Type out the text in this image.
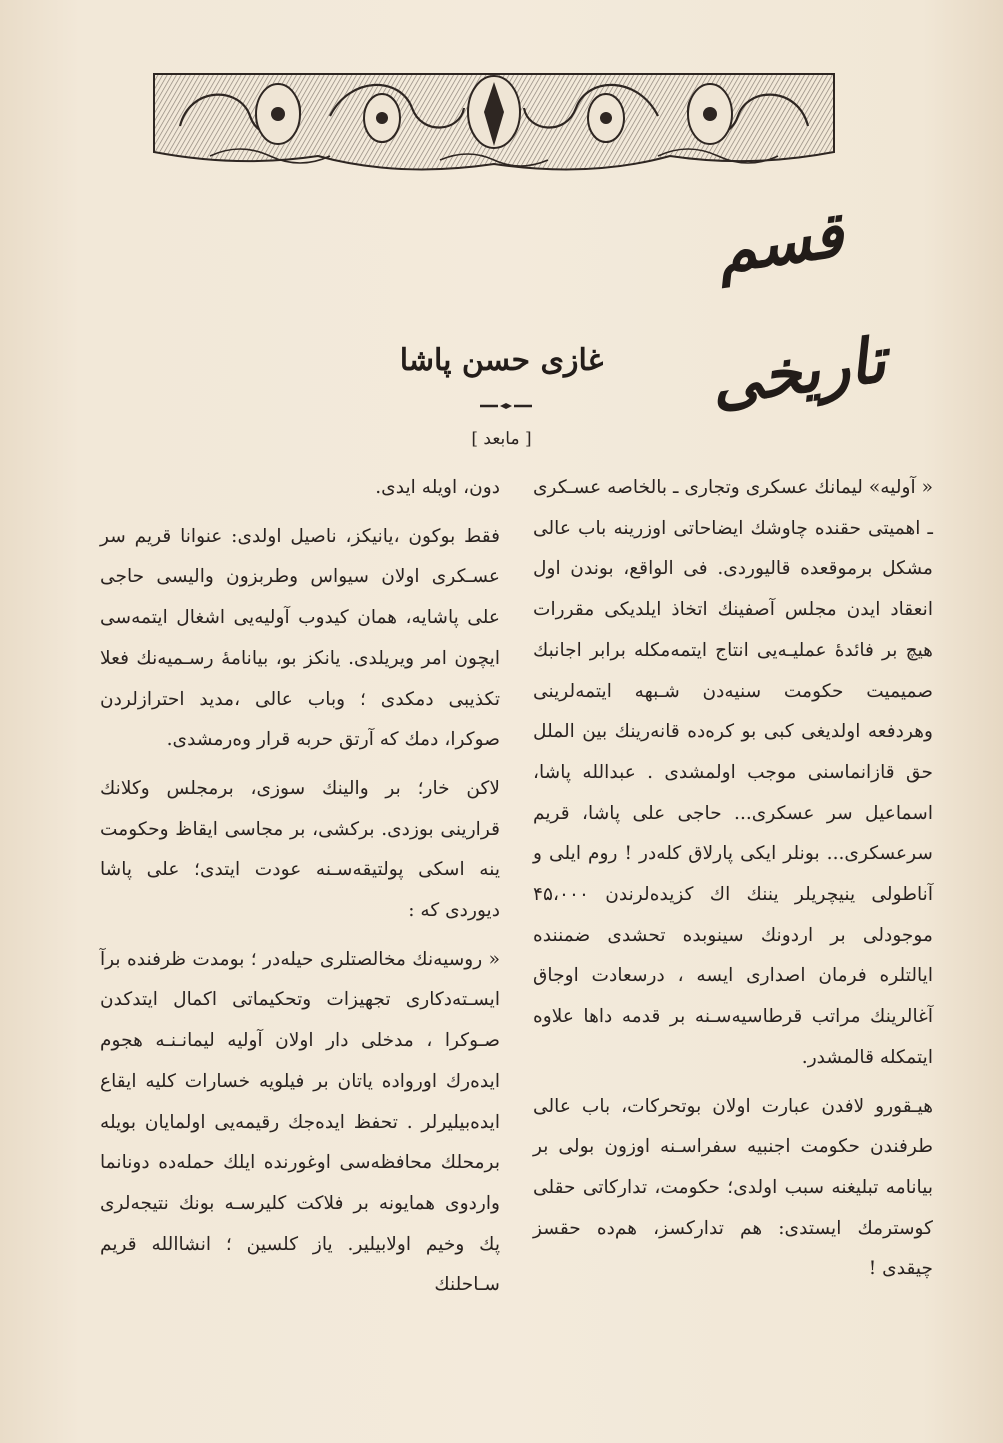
قسم تاریخی
غازی حسن پاشا
[ مابعد ]

« آولیه» لیمانك عسكری وتجاری ـ بالخاصه عسـكری ـ اهمیتی حقنده چاوشك ایضاحاتی اوزرینه باب عالی مشکل برموقعده قالیوردی. فی الواقع، بوندن اول انعقاد ایدن مجلس آصفینك اتخاذ ایلدیکی مقررات هیچ بر فائدهٔ عملیـه‌یی انتاج ایتمه‌مکله برابر اجانبك صمیمیت حکومت سنیه‌دن شـبهه ایتمه‌لرینی وهردفعه اولدیغی کبی بو کره‌ده قانه‌رینك بین الملل حق قازانماسنی موجب اولمشدی . عبدالله پاشا، اسماعیل سر عسکری... حاجی علی پاشا، قریم سرعسکری... بونلر ایکی پارلاق کله‌در ! روم ایلی و آناطولی ینیچریلر یننك اك کزیده‌لرندن ۴۵،۰۰۰ موجودلی بر اردونك سینوبده تحشدی ضمننده ایالتلره فرمان اصداری ایسه ، درسعادت اوجاق آغالرینك مراتب قرطاسیه‌سـنه بر قدمه داها علاوه ایتمکله قالمشدر.

هیـقورو لافدن عبارت اولان بوتحرکات، باب عالی طرفندن حکومت اجنبیه سفراسـنه اوزون بولی بر بیانامه تبلیغنه سبب اولدی؛ حکومت، تدارکاتی حقلی کوسترمك ایستدی: هم تدارکسز، هم‌ده حقسز چیقدی !

دون، اویله ایدی.

فقط بوکون ،یانیکز، ناصیل اولدی: عنوانا قریم سر عسـکری اولان سیواس وطربزون والیسی حاجی علی پاشایه، همان کیدوب آولیه‌یی اشغال ایتمه‌سی ایچون امر ویریلدی. یانکز بو، بیانامهٔ رسـمیه‌نك فعلا تکذیبی دمکدی ؛ وباب عالی ،مدید احترازلردن صوکرا، دمك که آرتق حربه قرار وه‌رمشدی.

لاکن خار؛ بر والینك سوزی، برمجلس وکلانك قرارینی بوزدی. برکشی، بر مجاسی ایقاظ وحکومت ینه اسکی پولتیقه‌سـنه عودت ایتدی؛ علی پاشا دیوردی که :

« روسیه‌نك مخالصتلری حیله‌در ؛ بومدت ظرفنده برآ ایسـته‌دکاری تجهیزات وتحکیماتی اکمال ایتدکدن صـوکرا ، مدخلی دار اولان آولیه لیمانـنـه هجوم ایده‌رك اورواده یاتان بر فیلویه خسارات کلیه ایقاع ایده‌بیلیرلر . تحفظ ایده‌جك رقیمه‌یی اولمایان بویله برمحلك محافظه‌سی اوغورنده ایلك حمله‌ده دونانما واردوی همایونه بر فلاکت کلیرسـه بونك نتیجه‌لری پك وخیم اولابیلیر. یاز کلسین ؛ انشاالله قریم سـاحلنك
